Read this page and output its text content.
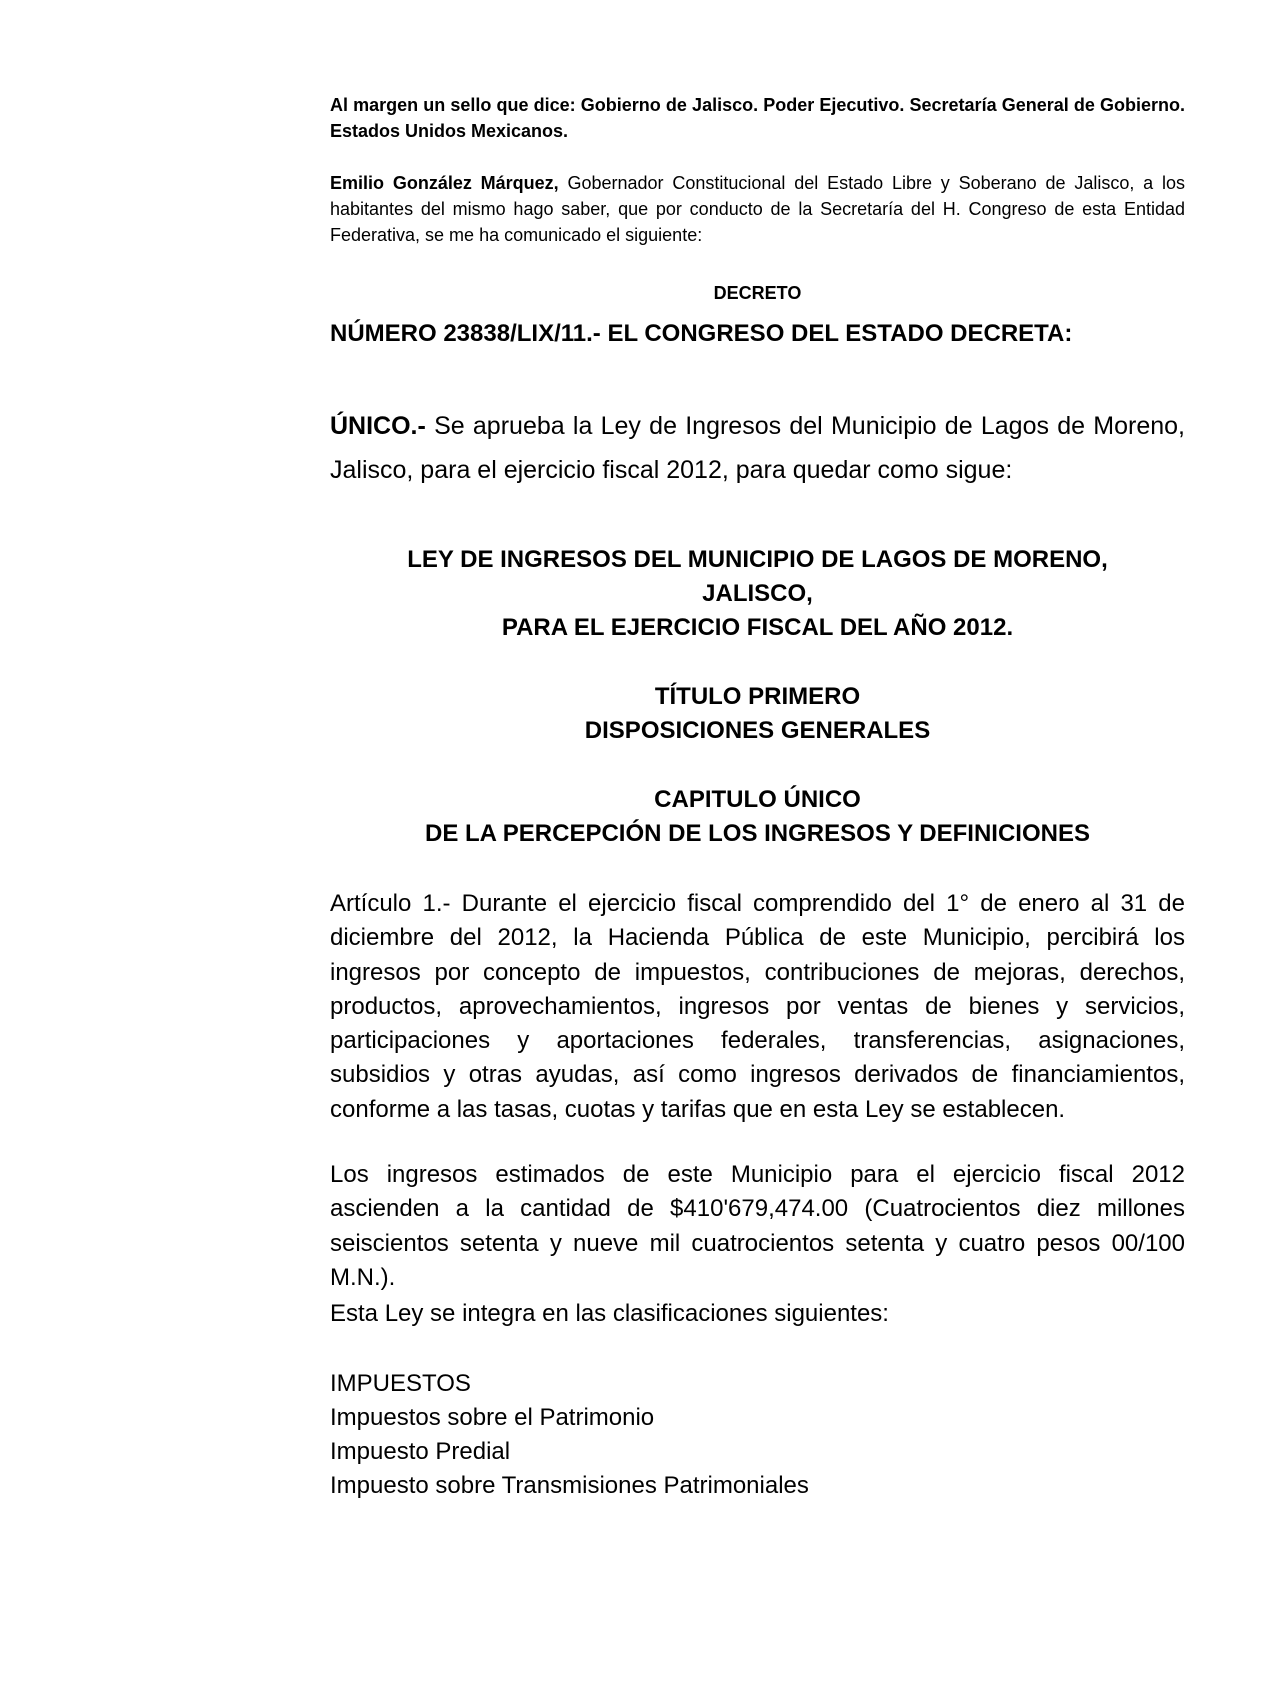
Al margen un sello que dice: Gobierno de Jalisco. Poder Ejecutivo. Secretaría General de Gobierno. Estados Unidos Mexicanos.

Emilio González Márquez, Gobernador Constitucional del Estado Libre y Soberano de Jalisco, a los habitantes del mismo hago saber, que por conducto de la Secretaría del H. Congreso de esta Entidad Federativa, se me ha comunicado el siguiente:

DECRETO
NÚMERO 23838/LIX/11.- EL CONGRESO DEL ESTADO DECRETA:

ÚNICO.- Se aprueba la Ley de Ingresos del Municipio de Lagos de Moreno, Jalisco, para el ejercicio fiscal 2012, para quedar como sigue:

LEY DE INGRESOS DEL MUNICIPIO DE LAGOS DE MORENO,
JALISCO,
PARA EL EJERCICIO FISCAL DEL AÑO 2012.
TÍTULO PRIMERO
DISPOSICIONES GENERALES
CAPITULO ÚNICO
DE LA PERCEPCIÓN DE LOS INGRESOS Y DEFINICIONES

Artículo 1.- Durante el ejercicio fiscal comprendido del 1° de enero al 31 de diciembre del 2012, la Hacienda Pública de este Municipio, percibirá los ingresos por concepto de impuestos, contribuciones de mejoras, derechos, productos, aprovechamientos, ingresos por ventas de bienes y servicios, participaciones y aportaciones federales, transferencias, asignaciones, subsidios y otras ayudas, así como ingresos derivados de financiamientos, conforme a las tasas, cuotas y tarifas que en esta Ley se establecen.

Los ingresos estimados de este Municipio para el ejercicio fiscal 2012 ascienden a la cantidad de $410'679,474.00 (Cuatrocientos diez millones seiscientos setenta y nueve mil cuatrocientos setenta y cuatro pesos 00/100 M.N.).

Esta Ley se integra en las clasificaciones siguientes:

IMPUESTOS
Impuestos sobre el Patrimonio
Impuesto Predial
Impuesto sobre Transmisiones Patrimoniales
